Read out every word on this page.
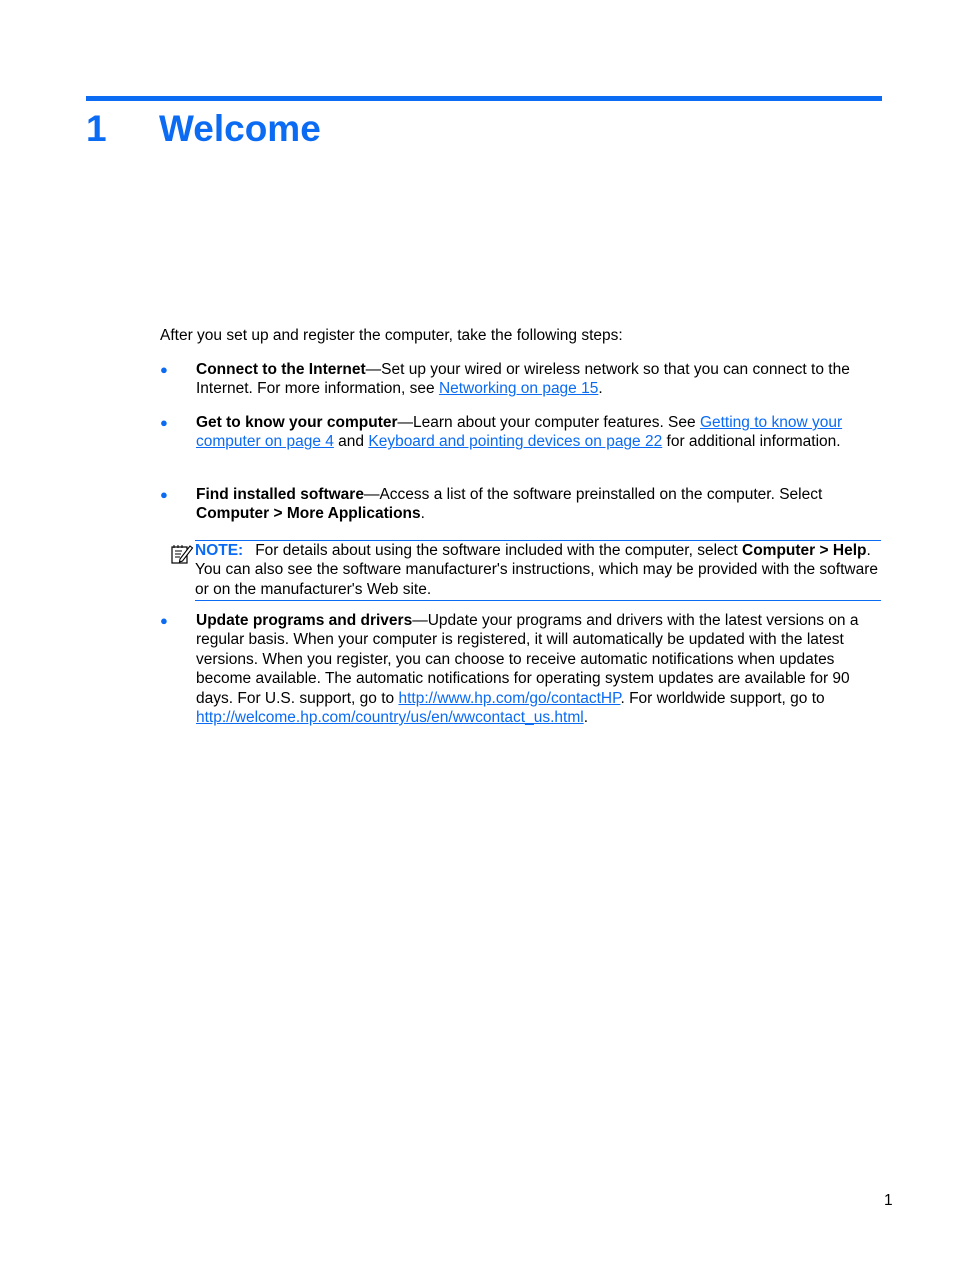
1 Welcome

After you set up and register the computer, take the following steps:

● Connect to the Internet—Set up your wired or wireless network so that you can connect to the Internet. For more information, see Networking on page 15.
● Get to know your computer—Learn about your computer features. See Getting to know your computer on page 4 and Keyboard and pointing devices on page 22 for additional information.
● Find installed software—Access a list of the software preinstalled on the computer. Select Computer > More Applications.
NOTE: For details about using the software included with the computer, select Computer > Help. You can also see the software manufacturer's instructions, which may be provided with the software or on the manufacturer's Web site.
● Update programs and drivers—Update your programs and drivers with the latest versions on a regular basis. When your computer is registered, it will automatically be updated with the latest versions. When you register, you can choose to receive automatic notifications when updates become available. The automatic notifications for operating system updates are available for 90 days. For U.S. support, go to http://www.hp.com/go/contactHP. For worldwide support, go to http://welcome.hp.com/country/us/en/wwcontact_us.html.
1
